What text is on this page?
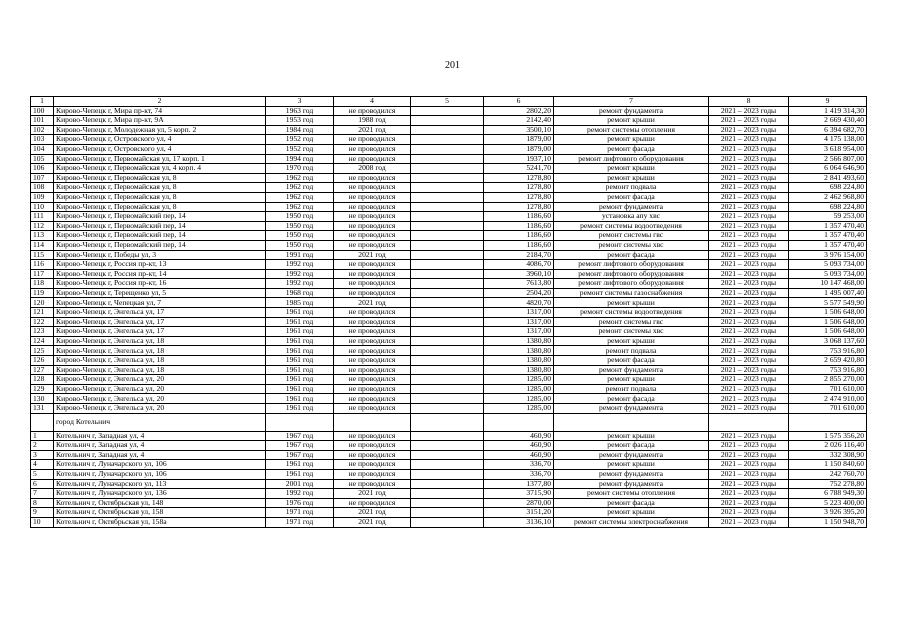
201
1	2	3	4	5	6	7	8	9
100	Кирово-Чепецк г, Мира пр-кт, 74	1963 год	не проводился		2802,20	ремонт фундамента	2021 – 2023 годы	1 419 314,30
101	Кирово-Чепецк г, Мира пр-кт, 9А	1953 год	1988 год		2142,40	ремонт крыши	2021 – 2023 годы	2 669 430,40
102	Кирово-Чепецк г, Молодежная ул, 5 корп. 2	1984 год	2021 год		3500,10	ремонт системы отопления	2021 – 2023 годы	6 394 682,70
103	Кирово-Чепецк г, Островского ул, 4	1952 год	не проводился		1879,00	ремонт крыши	2021 – 2023 годы	4 175 138,00
104	Кирово-Чепецк г, Островского ул, 4	1952 год	не проводился		1879,00	ремонт фасада	2021 – 2023 годы	3 618 954,00
105	Кирово-Чепецк г, Первомайская ул, 17 корп. 1	1994 год	не проводился		1937,10	ремонт лифтового оборудования	2021 – 2023 годы	2 566 807,00
106	Кирово-Чепецк г, Первомайская ул, 4 корп. 4	1970 год	2008 год		5241,70	ремонт крыши	2021 – 2023 годы	6 064 646,90
107	Кирово-Чепецк г, Первомайская ул, 8	1962 год	не проводился		1278,80	ремонт крыши	2021 – 2023 годы	2 841 493,60
108	Кирово-Чепецк г, Первомайская ул, 8	1962 год	не проводился		1278,80	ремонт подвала	2021 – 2023 годы	698 224,80
109	Кирово-Чепецк г, Первомайская ул, 8	1962 год	не проводился		1278,80	ремонт фасада	2021 – 2023 годы	2 462 968,80
110	Кирово-Чепецк г, Первомайская ул, 8	1962 год	не проводился		1278,80	ремонт фундамента	2021 – 2023 годы	698 224,80
111	Кирово-Чепецк г, Первомайский пер, 14	1950 год	не проводился		1186,60	установка апу хвс	2021 – 2023 годы	59 253,00
112	Кирово-Чепецк г, Первомайский пер, 14	1950 год	не проводился		1186,60	ремонт системы водоотведения	2021 – 2023 годы	1 357 470,40
113	Кирово-Чепецк г, Первомайский пер, 14	1950 год	не проводился		1186,60	ремонт системы гвс	2021 – 2023 годы	1 357 470,40
114	Кирово-Чепецк г, Первомайский пер, 14	1950 год	не проводился		1186,60	ремонт системы хвс	2021 – 2023 годы	1 357 470,40
115	Кирово-Чепецк г, Победы ул, 3	1991 год	2021 год		2184,70	ремонт фасада	2021 – 2023 годы	3 976 154,00
116	Кирово-Чепецк г, Россия пр-кт, 13	1992 год	не проводился		4086,70	ремонт лифтового оборудования	2021 – 2023 годы	5 093 734,00
117	Кирово-Чепецк г, Россия пр-кт, 14	1992 год	не проводился		3960,10	ремонт лифтового оборудования	2021 – 2023 годы	5 093 734,00
118	Кирово-Чепецк г, Россия пр-кт, 16	1992 год	не проводился		7613,80	ремонт лифтового оборудования	2021 – 2023 годы	10 147 468,00
119	Кирово-Чепецк г, Терещенко ул, 5	1968 год	не проводился		2504,20	ремонт системы газоснабжения	2021 – 2023 годы	1 495 007,40
120	Кирово-Чепецк г, Чепецкая ул, 7	1985 год	2021 год		4820,70	ремонт крыши	2021 – 2023 годы	5 577 549,90
121	Кирово-Чепецк г, Энгельса ул, 17	1961 год	не проводился		1317,00	ремонт системы водоотведения	2021 – 2023 годы	1 506 648,00
122	Кирово-Чепецк г, Энгельса ул, 17	1961 год	не проводился		1317,00	ремонт системы гвс	2021 – 2023 годы	1 506 648,00
123	Кирово-Чепецк г, Энгельса ул, 17	1961 год	не проводился		1317,00	ремонт системы хвс	2021 – 2023 годы	1 506 648,00
124	Кирово-Чепецк г, Энгельса ул, 18	1961 год	не проводился		1380,80	ремонт крыши	2021 – 2023 годы	3 068 137,60
125	Кирово-Чепецк г, Энгельса ул, 18	1961 год	не проводился		1380,80	ремонт подвала	2021 – 2023 годы	753 916,80
126	Кирово-Чепецк г, Энгельса ул, 18	1961 год	не проводился		1380,80	ремонт фасада	2021 – 2023 годы	2 659 420,80
127	Кирово-Чепецк г, Энгельса ул, 18	1961 год	не проводился		1380,80	ремонт фундамента	2021 – 2023 годы	753 916,80
128	Кирово-Чепецк г, Энгельса ул, 20	1961 год	не проводился		1285,00	ремонт крыши	2021 – 2023 годы	2 855 270,00
129	Кирово-Чепецк г, Энгельса ул, 20	1961 год	не проводился		1285,00	ремонт подвала	2021 – 2023 годы	701 610,00
130	Кирово-Чепецк г, Энгельса ул, 20	1961 год	не проводился		1285,00	ремонт фасада	2021 – 2023 годы	2 474 910,00
131	Кирово-Чепецк г, Энгельса ул, 20	1961 год	не проводился		1285,00	ремонт фундамента	2021 – 2023 годы	701 610,00
	город Котельнич							
1	Котельнич г, Западная ул, 4	1967 год	не проводился		460,90	ремонт крыши	2021 – 2023 годы	1 575 356,20
2	Котельнич г, Западная ул, 4	1967 год	не проводился		460,90	ремонт фасада	2021 – 2023 годы	2 026 116,40
3	Котельнич г, Западная ул, 4	1967 год	не проводился		460,90	ремонт фундамента	2021 – 2023 годы	332 308,90
4	Котельнич г, Луначарского ул, 106	1961 год	не проводился		336,70	ремонт крыши	2021 – 2023 годы	1 150 840,60
5	Котельнич г, Луначарского ул, 106	1961 год	не проводился		336,70	ремонт фундамента	2021 – 2023 годы	242 760,70
6	Котельнич г, Луначарского ул, 113	2001 год	не проводился		1377,80	ремонт фундамента	2021 – 2023 годы	752 278,80
7	Котельнич г, Луначарского ул, 136	1992 год	2021 год		3715,90	ремонт системы отопления	2021 – 2023 годы	6 788 949,30
8	Котельнич г, Октябрьская ул, 148	1976 год	не проводился		2870,00	ремонт фасада	2021 – 2023 годы	5 223 400,00
9	Котельнич г, Октябрьская ул, 158	1971 год	2021 год		3151,20	ремонт крыши	2021 – 2023 годы	3 926 395,20
10	Котельнич г, Октябрьская ул, 158а	1971 год	2021 год		3136,10	ремонт системы электроснабжения	2021 – 2023 годы	1 150 948,70
